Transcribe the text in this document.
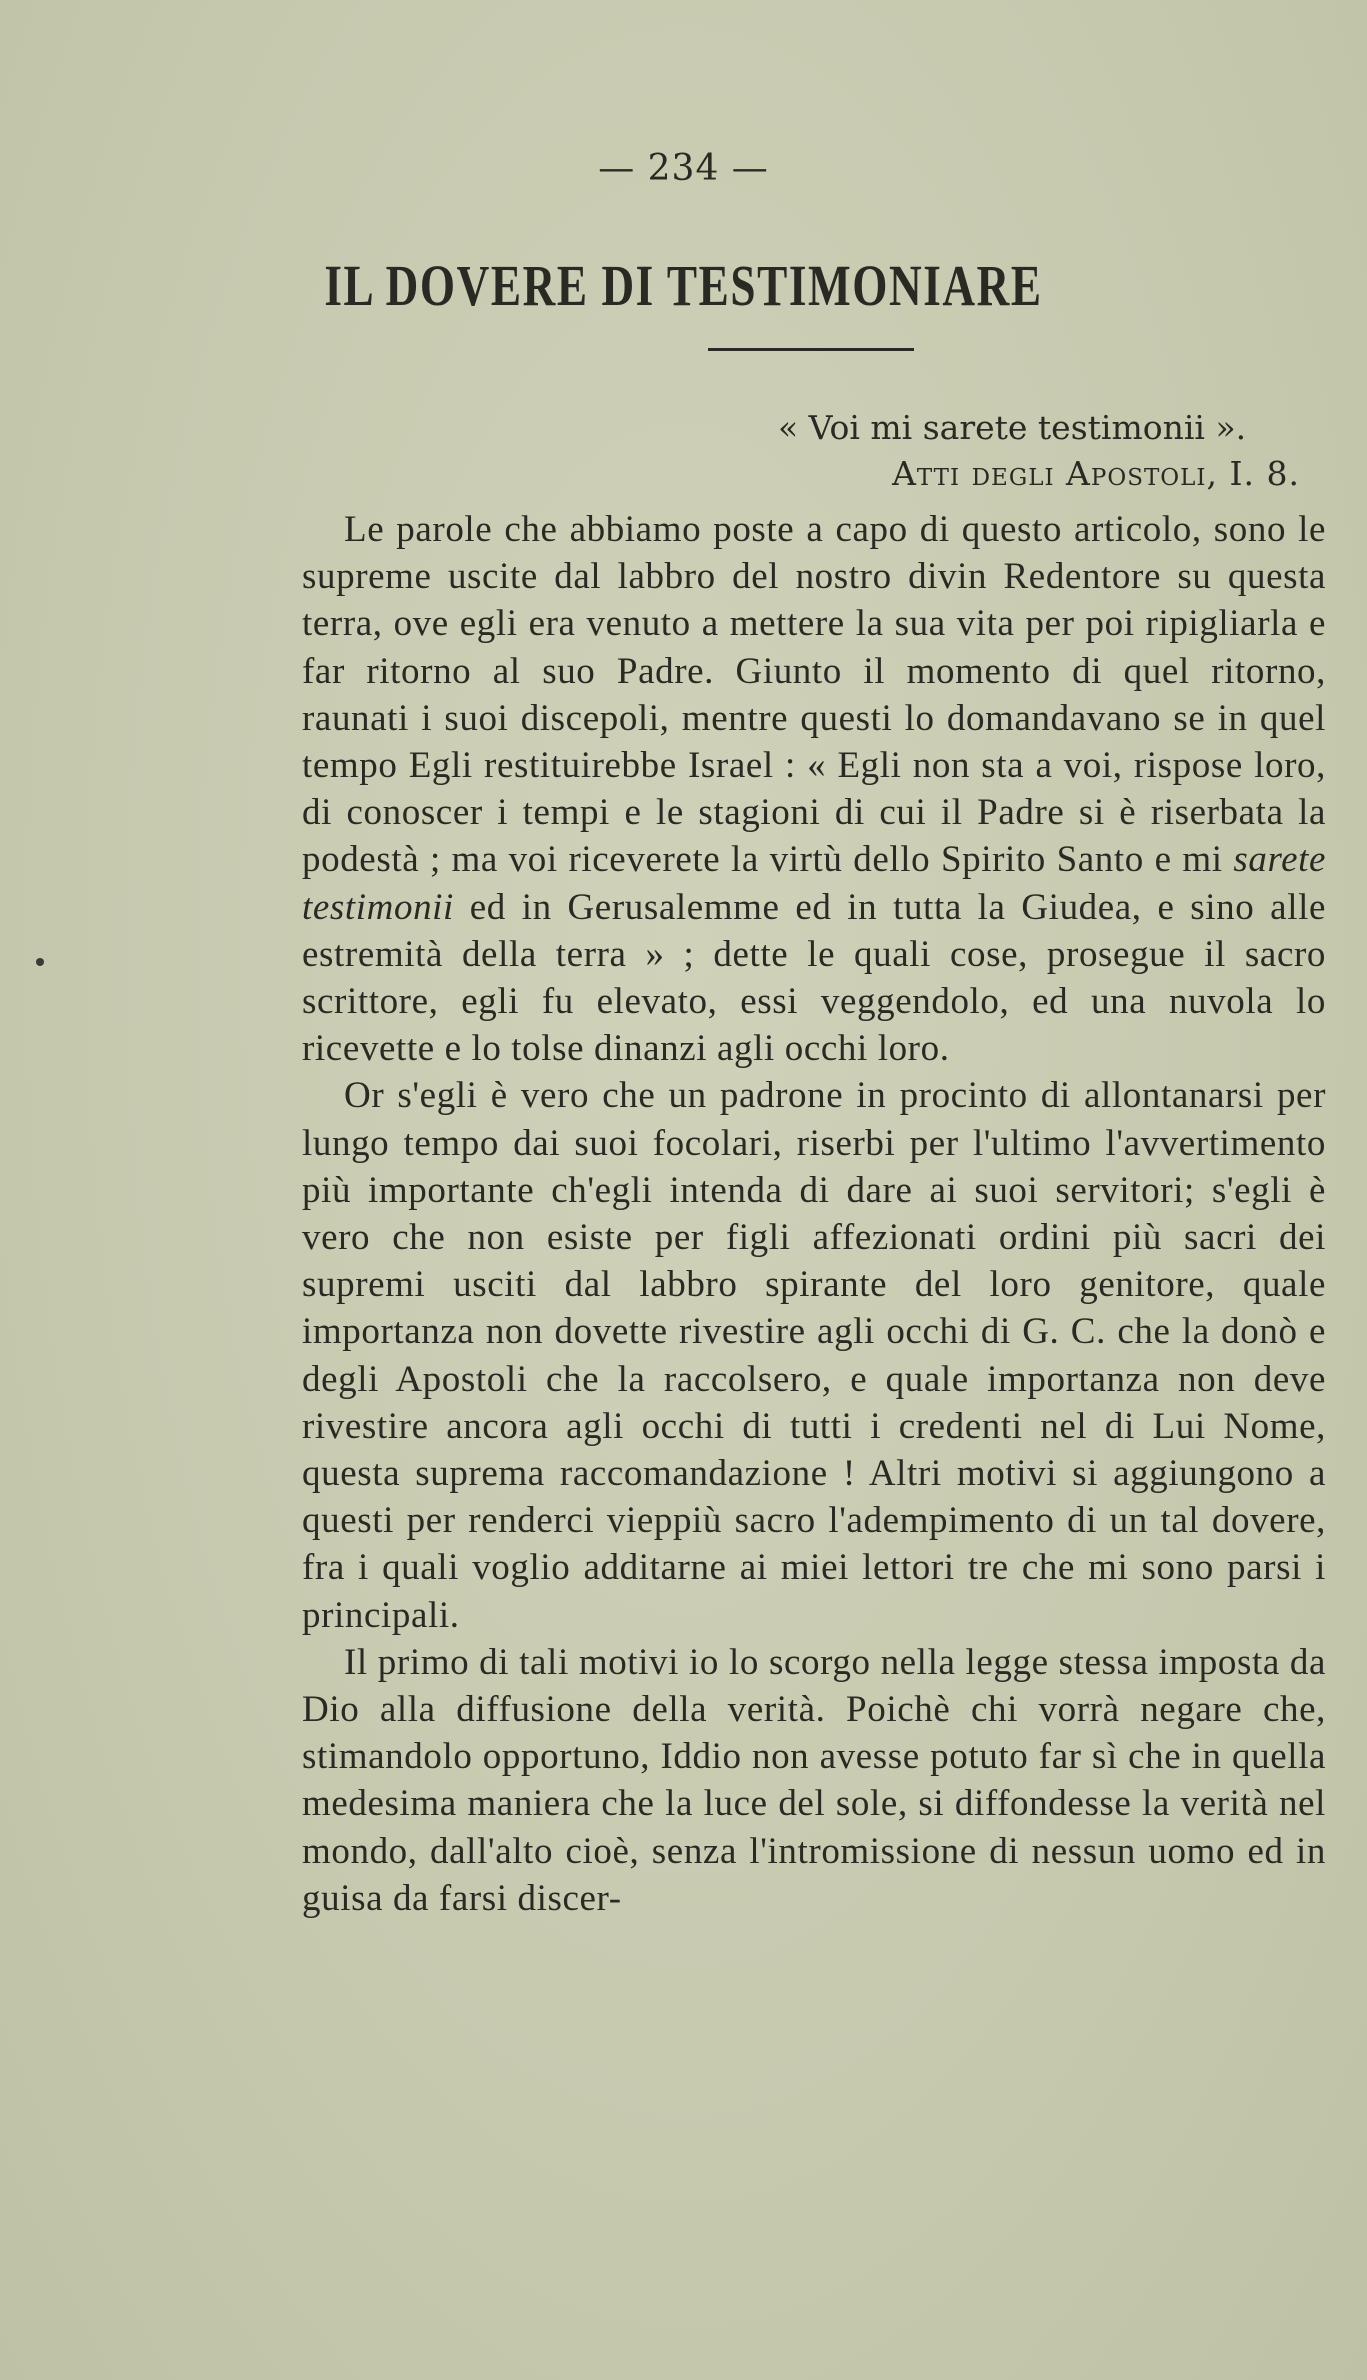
— 234 —
IL DOVERE DI TESTIMONIARE
« Voi mi sarete testimonii ».
Atti degli Apostoli, I. 8.

Le parole che abbiamo poste a capo di questo articolo, sono le supreme uscite dal labbro del nostro divin Redentore su questa terra, ove egli era venuto a mettere la sua vita per poi ripigliarla e far ritorno al suo Padre. Giunto il momento di quel ritorno, raunati i suoi discepoli, mentre questi lo domandavano se in quel tempo Egli restituirebbe Israel : « Egli non sta a voi, rispose loro, di conoscer i tempi e le stagioni di cui il Padre si è riserbata la podestà ; ma voi riceverete la virtù dello Spirito Santo e mi sarete testimonii ed in Gerusalemme ed in tutta la Giudea, e sino alle estremità della terra » ; dette le quali cose, prosegue il sacro scrittore, egli fu elevato, essi veggendolo, ed una nuvola lo ricevette e lo tolse dinanzi agli occhi loro.

Or s'egli è vero che un padrone in procinto di allontanarsi per lungo tempo dai suoi focolari, riserbi per l'ultimo l'avvertimento più importante ch'egli intenda di dare ai suoi servitori; s'egli è vero che non esiste per figli affezionati ordini più sacri dei supremi usciti dal labbro spirante del loro genitore, quale importanza non dovette rivestire agli occhi di G. C. che la donò e degli Apostoli che la raccolsero, e quale importanza non deve rivestire ancora agli occhi di tutti i credenti nel di Lui Nome, questa suprema raccomandazione ! Altri motivi si aggiungono a questi per renderci vieppiù sacro l'adempimento di un tal dovere, fra i quali voglio additarne ai miei lettori tre che mi sono parsi i principali.

Il primo di tali motivi io lo scorgo nella legge stessa imposta da Dio alla diffusione della verità. Poichè chi vorrà negare che, stimandolo opportuno, Iddio non avesse potuto far sì che in quella medesima maniera che la luce del sole, si diffondesse la verità nel mondo, dall'alto cioè, senza l'intromissione di nessun uomo ed in guisa da farsi discer-
